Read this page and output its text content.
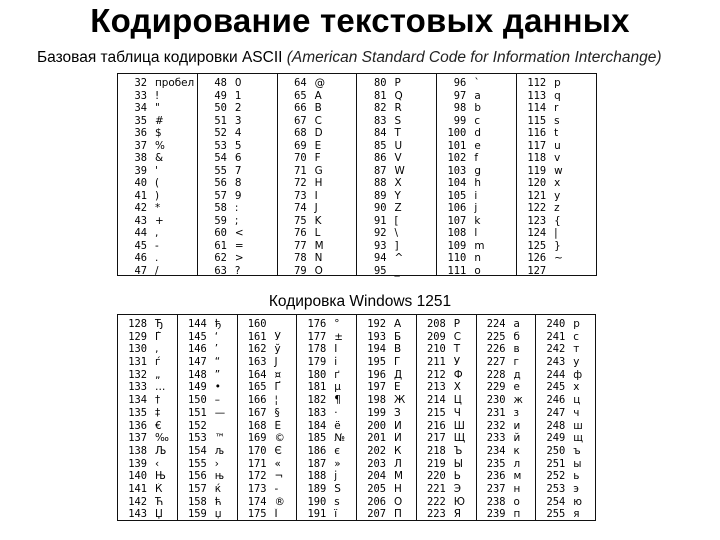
Кодирование текстовых данных
Базовая таблица кодировки ASCII (American Standard Code for Information Interchange)
32 пробел
33 !
34 "
35 #
36 $
37 %
38 &
39 '
40 (
41 )
42 *
43 +
44 ,
45 -
46 .
47 /
48 0
49 1
50 2
51 3
52 4
53 5
54 6
55 7
56 8
57 9
58 :
59 ;
60 <
61 =
62 >
63 ?
64 @
65 A
66 B
67 C
68 D
69 E
70 F
71 G
72 H
73 I
74 J
75 K
76 L
77 M
78 N
79 O
80 P
81 Q
82 R
83 S
84 T
85 U
86 V
87 W
88 X
89 Y
90 Z
91 [
92 \
93 ]
94 ^
95 _
96 `
97 a
98 b
99 c
100 d
101 e
102 f
103 g
104 h
105 i
106 j
107 k
108 l
109 m
110 n
111 o
112 p
113 q
114 r
115 s
116 t
117 u
118 v
119 w
120 x
121 y
122 z
123 {
124 |
125 }
126 ~
127
Кодировка Windows 1251
128 Ђ
129 Ѓ
130 ‚
131 ѓ
132 „
133 …
134 †
135 ‡
136 €
137 ‰
138 Љ
139 ‹
140 Њ
141 Ќ
142 Ћ
143 Џ
144 ђ
145 ‘
146 ’
147 “
148 ”
149 •
150 –
151 —
152
153 ™
154 љ
155 ›
156 њ
157 ќ
158 ћ
159 џ
160
161 Ў
162 ў
163 Ј
164 ¤
165 Ґ
166 ¦
167 §
168 Ё
169 ©
170 Є
171 «
172 ¬
173 -
174 ®
175 Ї
176 °
177 ±
178 І
179 і
180 ґ
181 µ
182 ¶
183 ·
184 ё
185 №
186 є
187 »
188 ј
189 Ѕ
190 ѕ
191 ї
192 А
193 Б
194 В
195 Г
196 Д
197 Е
198 Ж
199 З
200 И
201 Й
202 К
203 Л
204 М
205 Н
206 О
207 П
208 Р
209 С
210 Т
211 У
212 Ф
213 Х
214 Ц
215 Ч
216 Ш
217 Щ
218 Ъ
219 Ы
220 Ь
221 Э
222 Ю
223 Я
224 а
225 б
226 в
227 г
228 д
229 е
230 ж
231 з
232 и
233 й
234 к
235 л
236 м
237 н
238 о
239 п
240 р
241 с
242 т
243 у
244 ф
245 х
246 ц
247 ч
248 ш
249 щ
250 ъ
251 ы
252 ь
253 э
254 ю
255 я
